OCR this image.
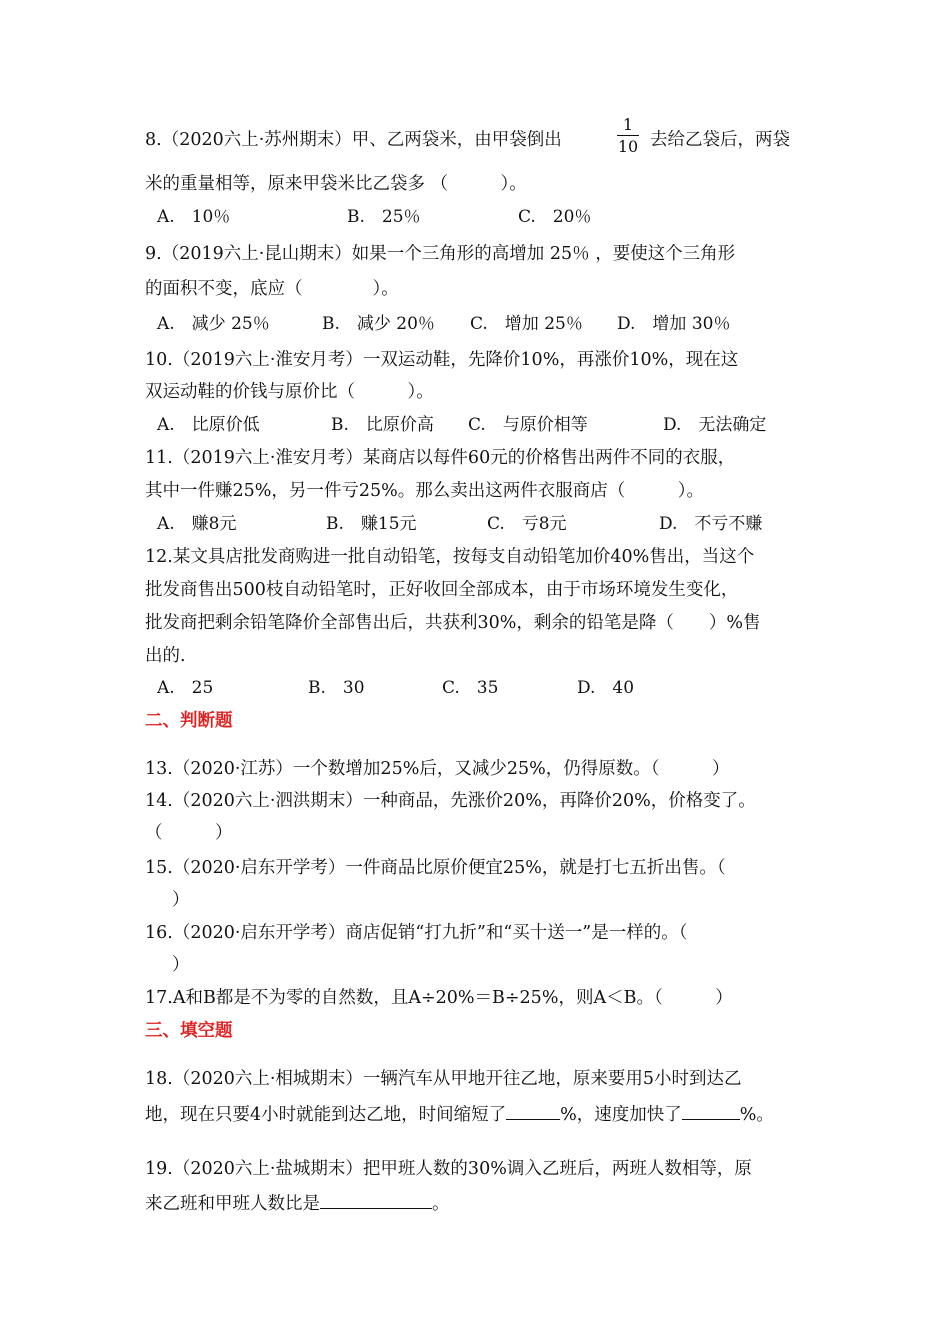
8.（2020六上·苏州期末）甲、乙两袋米，由甲袋倒出
1
10 去给乙袋后，两袋
米的重量相等，原来甲袋米比乙袋多 （　　　）。
A.　10％	B.　25％	C.　20％
9.（2019六上·昆山期末）如果一个三角形的高增加 25％ ，要使这个三角形
的面积不变，底应（　　　　）。
A.　减少 25％	B.　减少 20％ C.　增加 25％ D.　增加 30％
10.（2019六上·淮安月考）一双运动鞋，先降价10%，再涨价10%，现在这
双运动鞋的价钱与原价比（　　　）。
A.　比原价低	B.　比原价高 C.　与原价相等	D.　无法确定
11.（2019六上·淮安月考）某商店以每件60元的价格售出两件不同的衣服，
其中一件赚25%，另一件亏25%。那么卖出这两件衣服商店（　　　）。
A.　赚8元	B.　赚15元	C.　亏8元	D.　不亏不赚
12.某文具店批发商购进一批自动铅笔，按每支自动铅笔加价40%售出，当这个
批发商售出500枝自动铅笔时，正好收回全部成本，由于市场环境发生变化，
批发商把剩余铅笔降价全部售出后，共获利30%，剩余的铅笔是降（　　）%售
出的.
A.　25	B.　30	C.　35	D.　40
二、判断题
13.（2020·江苏）一个数增加25%后，又减少25%，仍得原数。（　　　）
14.（2020六上·泗洪期末）一种商品，先涨价20%，再降价20%，价格变了。
（　　　）
15.（2020·启东开学考）一件商品比原价便宜25%，就是打七五折出售。（
）
16.（2020·启东开学考）商店促销“打九折”和“买十送一”是一样的。（
）
17.A和B都是不为零的自然数，且A÷20%＝B÷25%，则A＜B。（　　　）
三、填空题
18.（2020六上·相城期末）一辆汽车从甲地开往乙地，原来要用5小时到达乙
地，现在只要4小时就能到达乙地，时间缩短了	%，速度加快了	%。
19.（2020六上·盐城期末）把甲班人数的30%调入乙班后，两班人数相等，原
来乙班和甲班人数比是	。
